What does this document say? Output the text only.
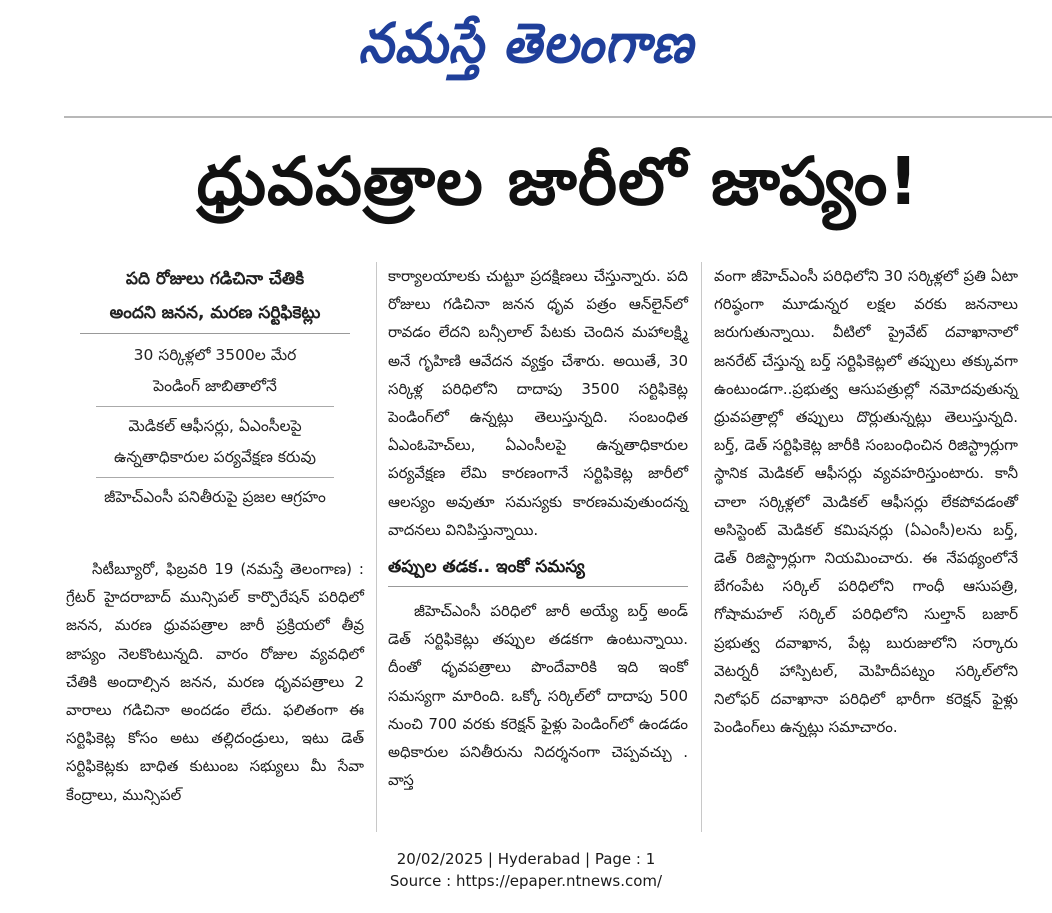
నమస్తే తెలంగాణ
ధ్రువపత్రాల జారీలో జాప్యం!
పది రోజులు గడిచినా చేతికి
అందని జనన, మరణ సర్టిఫికెట్లు
30 సర్కిళ్లలో 3500ల మేర
పెండింగ్ జాబితాలోనే
మెడికల్ ఆఫీసర్లు, ఏఎంసీలపై
ఉన్నతాధికారుల పర్యవేక్షణ కరువు
జీహెచ్ఎంసీ పనితీరుపై ప్రజల ఆగ్రహం

సిటీబ్యూరో, ఫిబ్రవరి 19 (నమస్తే తెలంగాణ) : గ్రేటర్ హైదరాబాద్ మున్సిపల్ కార్పొరేషన్ పరిధిలో జనన, మరణ ధ్రువపత్రాల జారీ ప్రక్రియలో తీవ్ర జాప్యం నెలకొంటున్నది. వారం రోజుల వ్యవధిలో చేతికి అందాల్సిన జనన, మరణ ధృవపత్రాలు 2 వారాలు గడిచినా అందడం లేదు. ఫలితంగా ఈ సర్టిఫికెట్ల కోసం అటు తల్లిదండ్రులు, ఇటు డెత్ సర్టిఫికెట్లకు బాధిత కుటుంబ సభ్యులు మీ సేవా కేంద్రాలు, మున్సిపల్

కార్యాలయాలకు చుట్టూ ప్రదక్షిణలు చేస్తున్నారు. పది రోజులు గడిచినా జనన ధృవ పత్రం ఆన్‌లైన్‌లో రావడం లేదని బన్సీలాల్ పేటకు చెందిన మహాలక్ష్మి అనే గృహిణి ఆవేదన వ్యక్తం చేశారు. అయితే, 30 సర్కిళ్ల పరిధిలోని దాదాపు 3500 సర్టిఫికెట్ల పెండింగ్‌లో ఉన్నట్లు తెలుస్తున్నది. సంబంధిత ఏఎంఓహెచ్‌లు, ఏఎంసీలపై ఉన్నతాధికారుల పర్యవేక్షణ లేమి కారణంగానే సర్టిఫికెట్ల జారీలో ఆలస్యం అవుతూ సమస్యకు కారణమవుతుందన్న వాదనలు వినిపిస్తున్నాయి.

తప్పుల తడక.. ఇంకో సమస్య

జీహెచ్ఎంసీ పరిధిలో జారీ అయ్యే బర్త్ అండ్ డెత్ సర్టిఫికెట్లు తప్పుల తడకగా ఉంటున్నాయి. దీంతో ధృవపత్రాలు పొందేవారికి ఇది ఇంకో సమస్యగా మారింది. ఒక్కో సర్కిల్‌లో దాదాపు 500 నుంచి 700 వరకు కరెక్షన్ ఫైళ్లు పెండింగ్‌లో ఉండడం అధికారుల పనితీరును నిదర్శనంగా చెప్పవచ్చు . వాస్త

వంగా జీహెచ్ఎంసీ పరిధిలోని 30 సర్కిళ్లలో ప్రతి ఏటా గరిష్ఠంగా మూడున్నర లక్షల వరకు జననాలు జరుగుతున్నాయి. వీటిలో ప్రైవేట్ దవాఖానాలో జనరేట్ చేస్తున్న బర్త్ సర్టిఫికెట్లలో తప్పులు తక్కువగా ఉంటుండగా..ప్రభుత్వ ఆసుపత్రుల్లో నమోదవుతున్న ధ్రువపత్రాల్లో తప్పులు దొర్లుతున్నట్లు తెలుస్తున్నది. బర్త్, డెత్ సర్టిఫికెట్ల జారీకి సంబంధించిన రిజిస్ట్రార్లుగా స్థానిక మెడికల్ ఆఫీసర్లు వ్యవహరిస్తుంటారు. కానీ చాలా సర్కిళ్లలో మెడికల్ ఆఫీసర్లు లేకపోవడంతో అసిస్టెంట్ మెడికల్ కమిషనర్లు (ఏఎంసీ)లను బర్త్, డెత్ రిజిస్ట్రార్లుగా నియమించారు. ఈ నేపథ్యంలోనే బేగంపేట సర్కిల్ పరిధిలోని గాంధీ ఆసుపత్రి, గోషామహల్ సర్కిల్ పరిధిలోని సుల్తాన్ బజార్ ప్రభుత్వ దవాఖాన, పేట్ల బురుజులోని సర్కారు వెటర్నరీ హాస్పిటల్, మెహిదీపట్నం సర్కిల్‌లోని నిలోఫర్ దవాఖానా పరిధిలో భారీగా కరెక్షన్ ఫైళ్లు పెండింగ్‌లు ఉన్నట్లు సమాచారం.

20/02/2025 | Hyderabad | Page : 1
Source : https://epaper.ntnews.com/
